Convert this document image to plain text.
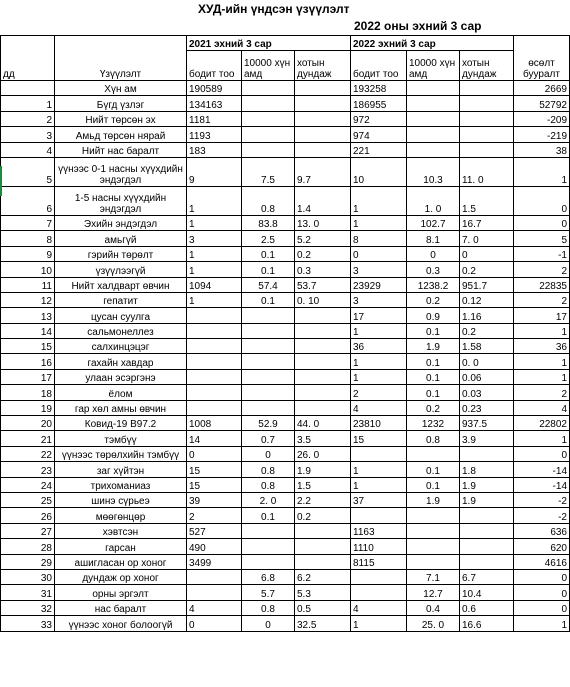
ХУД-ийн үндсэн үзүүлэлт
2022 оны эхний 3 сар
		2021 эхний 3 сар			2022 эхний 3 сар			
дд	Үзүүлэлт	бодит тоо	10000 хүн амд	хотын дундаж	бодит тоо	10000 хүн амд	хотын дундаж	өсөлт бууралт
	Хүн ам	190589			193258			2669
1	Бүгд үзлэг	134163			186955			52792
2	Нийт төрсөн эх	1181			972			-209
3	Амьд төрсөн нярай	1193			974			-219
4	Нийт нас баралт	183			221			38
5	үүнээс 0-1 насны хүүхдийн эндэгдэл	9	7.5	9.7	10	10.3	11. 0	1
6	1-5 насны хүүхдийн эндэгдэл	1	0.8	1.4	1	1. 0	1.5	0
7	Эхийн эндэгдэл	1	83.8	13. 0	1	102.7	16.7	0
8	амьгүй	3	2.5	5.2	8	8.1	7. 0	5
9	гэрийн төрөлт	1	0.1	0.2	0	0	0	-1
10	үзүүлээгүй	1	0.1	0.3	3	0.3	0.2	2
11	Нийт халдварт өвчин	1094	57.4	53.7	23929	1238.2	951.7	22835
12	гепатит	1	0.1	0. 10	3	0.2	0.12	2
13	цусан суулга				17	0.9	1.16	17
14	сальмонеллез				1	0.1	0.2	1
15	салхинцэцэг				36	1.9	1.58	36
16	гахайн хавдар				1	0.1	0. 0	1
17	улаан эсэргэнэ				1	0.1	0.06	1
18	ёлом				2	0.1	0.03	2
19	гар хөл амны өвчин				4	0.2	0.23	4
20	Ковид-19 В97.2	1008	52.9	44. 0	23810	1232	937.5	22802
21	тэмбүү	14	0.7	3.5	15	0.8	3.9	1
22	үүнээс төрөлхийн тэмбүү	0	0	26. 0				0
23	заг хүйтэн	15	0.8	1.9	1	0.1	1.8	-14
24	трихоманиаз	15	0.8	1.5	1	0.1	1.9	-14
25	шинэ сүрьеэ	39	2. 0	2.2	37	1.9	1.9	-2
26	мөөгөнцөр	2	0.1	0.2				-2
27	хэвтсэн	527			1163			636
28	гарсан	490			1110			620
29	ашигласан ор хоног	3499			8115			4616
30	дундаж ор хоног		6.8	6.2		7.1	6.7	0
31	орны эргэлт		5.7	5.3		12.7	10.4	0
32	нас баралт	4	0.8	0.5	4	0.4	0.6	0
33	үүнээс хоног болоогүй	0	0	32.5	1	25. 0	16.6	1
